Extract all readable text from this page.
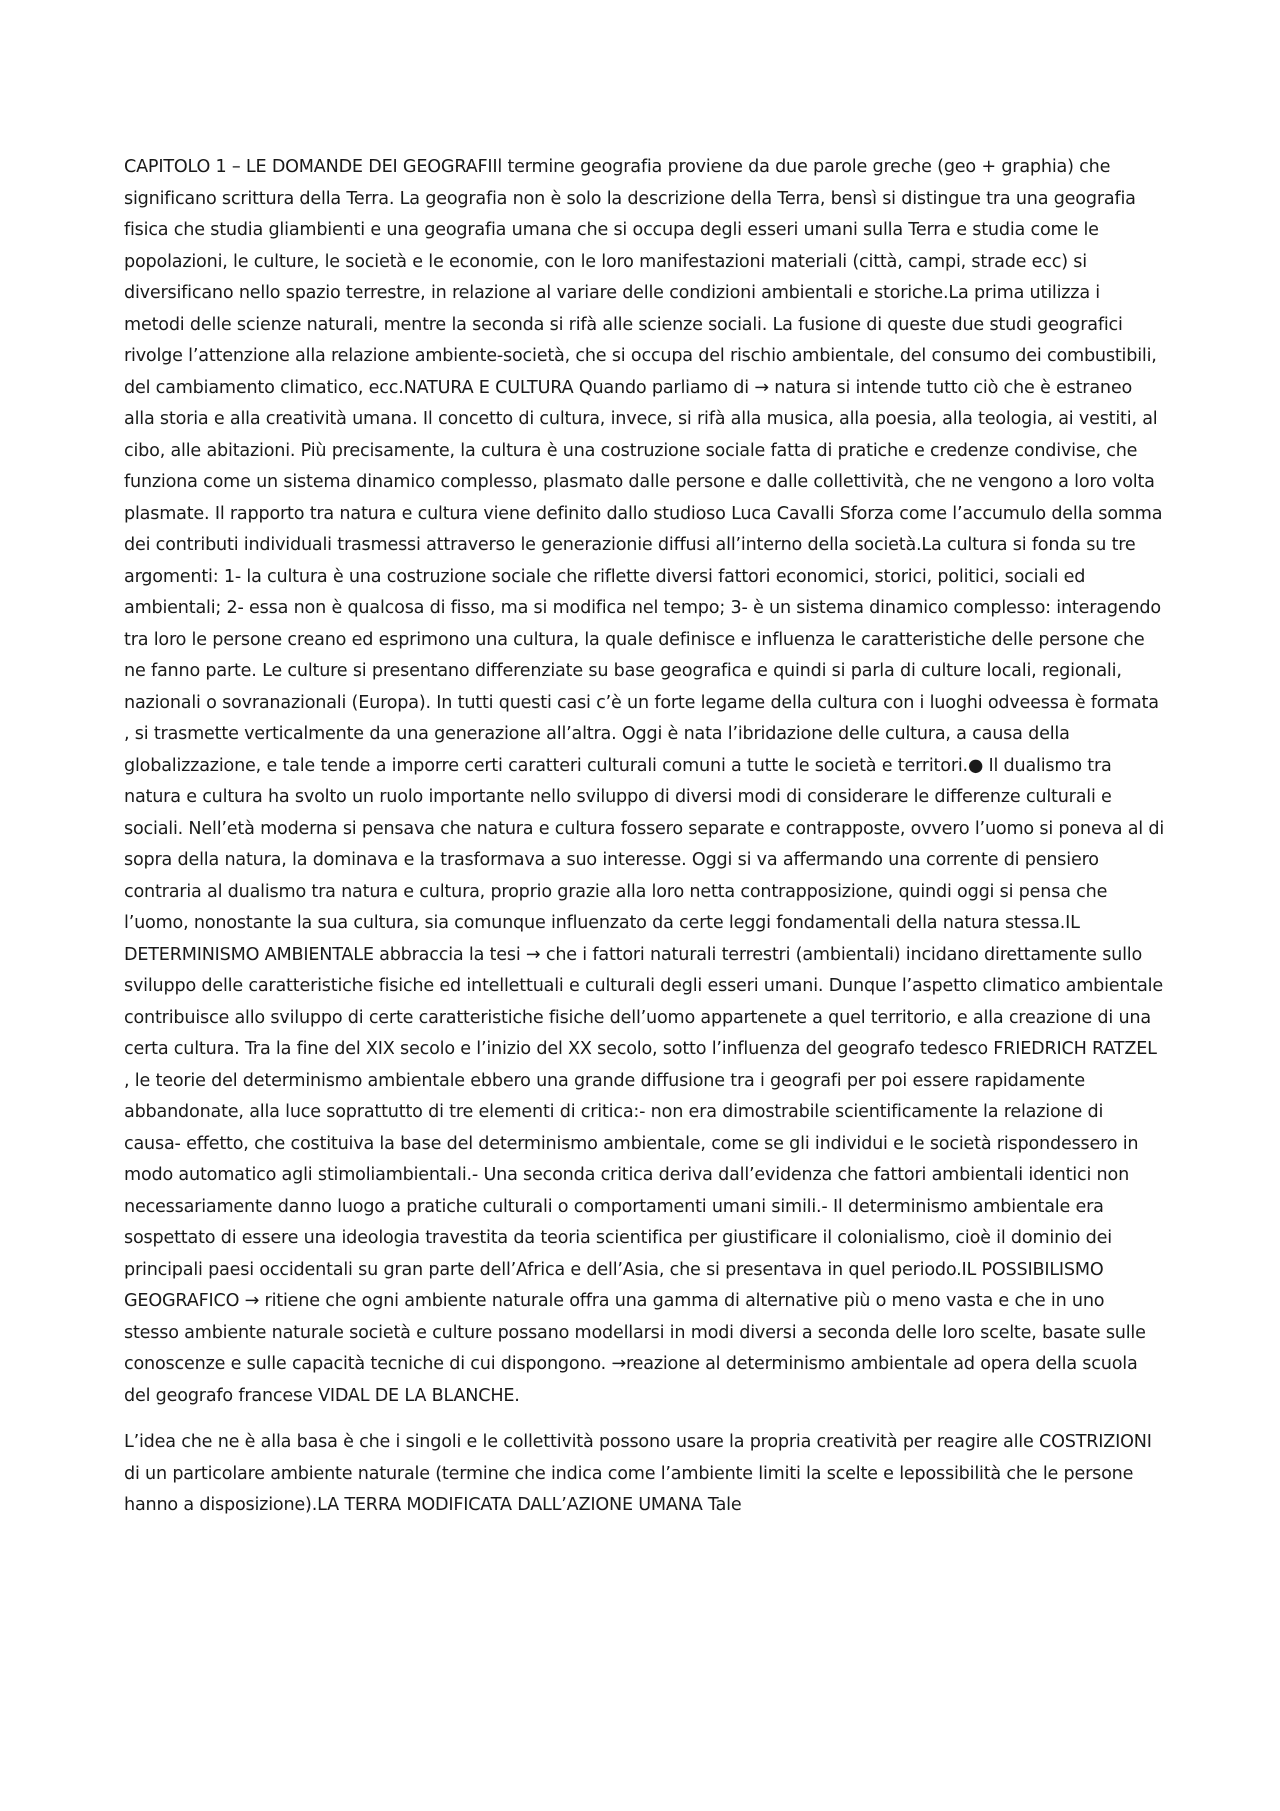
CAPITOLO 1 – LE DOMANDE DEI GEOGRAFIIl termine geografia proviene da due parole greche (geo + graphia) che significano scrittura della Terra. La geografia non è solo la descrizione della Terra, bensì si distingue tra una geografia fisica che studia gliambienti e una geografia umana che si occupa degli esseri umani sulla Terra e studia come le popolazioni, le culture, le società e le economie, con le loro manifestazioni materiali (città, campi, strade ecc) si diversificano nello spazio terrestre, in relazione al variare delle condizioni ambientali e storiche.La prima utilizza i metodi delle scienze naturali, mentre la seconda si rifà alle scienze sociali. La fusione di queste due studi geografici rivolge l’attenzione alla relazione ambiente-società, che si occupa del rischio ambientale, del consumo dei combustibili, del cambiamento climatico, ecc.NATURA E CULTURA Quando parliamo di → natura si intende tutto ciò che è estraneo alla storia e alla creatività umana. Il concetto di cultura, invece, si rifà alla musica, alla poesia, alla teologia, ai vestiti, al cibo, alle abitazioni. Più precisamente, la cultura è una costruzione sociale fatta di pratiche e credenze condivise, che funziona come un sistema dinamico complesso, plasmato dalle persone e dalle collettività, che ne vengono a loro volta plasmate. Il rapporto tra natura e cultura viene definito dallo studioso Luca Cavalli Sforza come l’accumulo della somma dei contributi individuali trasmessi attraverso le generazionie diffusi all’interno della società.La cultura si fonda su tre argomenti: 1- la cultura è una costruzione sociale che riflette diversi fattori economici, storici, politici, sociali ed ambientali; 2- essa non è qualcosa di fisso, ma si modifica nel tempo; 3- è un sistema dinamico complesso: interagendo tra loro le persone creano ed esprimono una cultura, la quale definisce e influenza le caratteristiche delle persone che ne fanno parte. Le culture si presentano differenziate su base geografica e quindi si parla di culture locali, regionali, nazionali o sovranazionali (Europa). In tutti questi casi c’è un forte legame della cultura con i luoghi odveessa è formata , si trasmette verticalmente da una generazione all’altra. Oggi è nata l’ibridazione delle cultura, a causa della globalizzazione, e tale tende a imporre certi caratteri culturali comuni a tutte le società e territori.● Il dualismo tra natura e cultura ha svolto un ruolo importante nello sviluppo di diversi modi di considerare le differenze culturali e sociali. Nell’età moderna si pensava che natura e cultura fossero separate e contrapposte, ovvero l’uomo si poneva al di sopra della natura, la dominava e la trasformava a suo interesse. Oggi si va affermando una corrente di pensiero contraria al dualismo tra natura e cultura, proprio grazie alla loro netta contrapposizione, quindi oggi si pensa che l’uomo, nonostante la sua cultura, sia comunque influenzato da certe leggi fondamentali della natura stessa.IL DETERMINISMO AMBIENTALE abbraccia la tesi → che i fattori naturali terrestri (ambientali) incidano direttamente sullo sviluppo delle caratteristiche fisiche ed intellettuali e culturali degli esseri umani. Dunque l’aspetto climatico ambientale contribuisce allo sviluppo di certe caratteristiche fisiche dell’uomo appartenete a quel territorio, e alla creazione di una certa cultura. Tra la fine del XIX secolo e l’inizio del XX secolo, sotto l’influenza del geografo tedesco FRIEDRICH RATZEL , le teorie del determinismo ambientale ebbero una grande diffusione tra i geografi per poi essere rapidamente abbandonate, alla luce soprattutto di tre elementi di critica:- non era dimostrabile scientificamente la relazione di causa- effetto, che costituiva la base del determinismo ambientale, come se gli individui e le società rispondessero in modo automatico agli stimoliambientali.- Una seconda critica deriva dall’evidenza che fattori ambientali identici non necessariamente danno luogo a pratiche culturali o comportamenti umani simili.- Il determinismo ambientale era sospettato di essere una ideologia travestita da teoria scientifica per giustificare il colonialismo, cioè il dominio dei principali paesi occidentali su gran parte dell’Africa e dell’Asia, che si presentava in quel periodo.IL POSSIBILISMO GEOGRAFICO → ritiene che ogni ambiente naturale offra una gamma di alternative più o meno vasta e che in uno stesso ambiente naturale società e culture possano modellarsi in modi diversi a seconda delle loro scelte, basate sulle conoscenze e sulle capacità tecniche di cui dispongono. →reazione al determinismo ambientale ad opera della scuola del geografo francese VIDAL DE LA BLANCHE.

L’idea che ne è alla basa è che i singoli e le collettività possono usare la propria creatività per reagire alle COSTRIZIONI di un particolare ambiente naturale (termine che indica come l’ambiente limiti la scelte e lepossibilità che le persone hanno a disposizione).LA TERRA MODIFICATA DALL’AZIONE UMANA Tale
